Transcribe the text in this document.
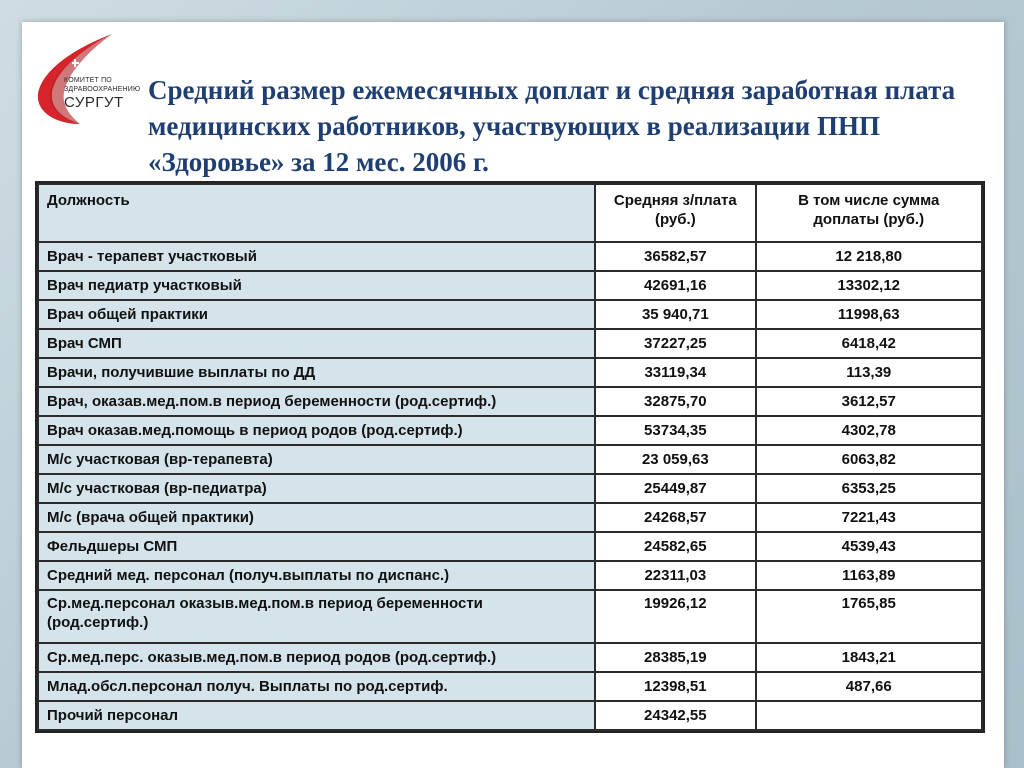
КОМИТЕТ ПО
ЗДРАВООХРАНЕНИЮ
СУРГУТ Средний размер ежемесячных доплат и средняя заработная плата медицинских работников, участвующих в реализации ПНП «Здоровье» за 12 мес. 2006 г.
Должность	Средняя з/плата (руб.)	В том числе сумма доплаты (руб.)
Врач - терапевт участковый	36582,57	12 218,80
Врач педиатр участковый	42691,16	13302,12
Врач общей практики	35 940,71	11998,63
Врач СМП	37227,25	6418,42
Врачи, получившие выплаты по ДД	33119,34	113,39
Врач, оказав.мед.пом.в период беременности (род.сертиф.)	32875,70	3612,57
Врач оказав.мед.помощь в период родов (род.сертиф.)	53734,35	4302,78
М/с участковая (вр-терапевта)	23 059,63	6063,82
М/с участковая (вр-педиатра)	25449,87	6353,25
М/с (врача общей практики)	24268,57	7221,43
Фельдшеры СМП	24582,65	4539,43
Средний мед. персонал (получ.выплаты по диспанс.)	22311,03	1163,89
Ср.мед.персонал оказыв.мед.пом.в период беременности (род.сертиф.)	19926,12	1765,85
Ср.мед.перс. оказыв.мед.пом.в период родов (род.сертиф.)	28385,19	1843,21
Млад.обсл.персонал получ. Выплаты по род.сертиф.	12398,51	487,66
Прочий персонал	24342,55	
